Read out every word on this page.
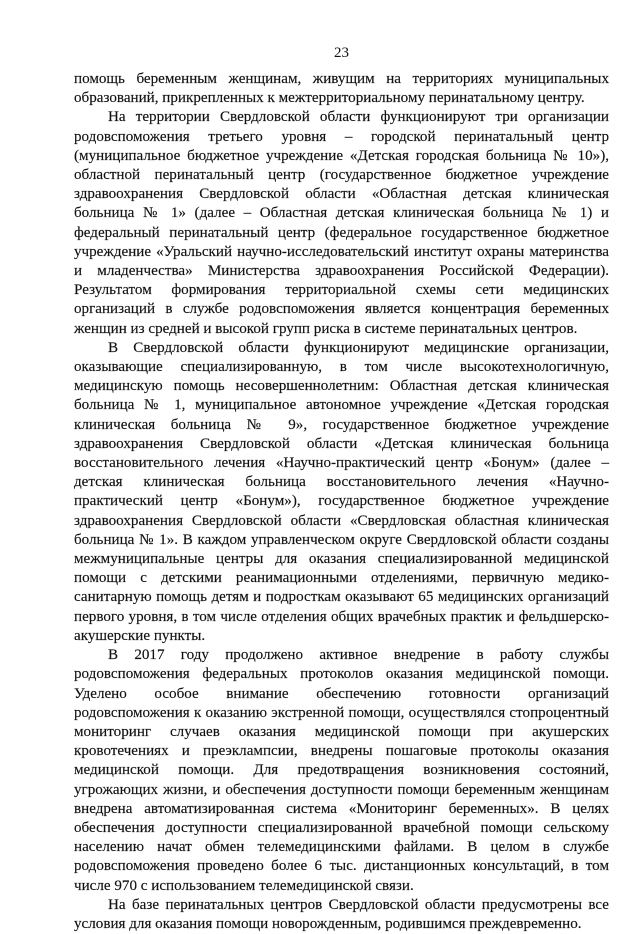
23

помощь беременным женщинам, живущим на территориях муниципальных образований, прикрепленных к межтерриториальному перинатальному центру.

На территории Свердловской области функционируют три организации родовспоможения третьего уровня – городской перинатальный центр (муниципальное бюджетное учреждение «Детская городская больница № 10»), областной перинатальный центр (государственное бюджетное учреждение здравоохранения Свердловской области «Областная детская клиническая больница № 1» (далее – Областная детская клиническая больница № 1) и федеральный перинатальный центр (федеральное государственное бюджетное учреждение «Уральский научно-исследовательский институт охраны материнства и младенчества» Министерства здравоохранения Российской Федерации). Результатом формирования территориальной схемы сети медицинских организаций в службе родовспоможения является концентрация беременных женщин из средней и высокой групп риска в системе перинатальных центров.

В Свердловской области функционируют медицинские организации, оказывающие специализированную, в том числе высокотехнологичную, медицинскую помощь несовершеннолетним: Областная детская клиническая больница № 1, муниципальное автономное учреждение «Детская городская клиническая больница № 9», государственное бюджетное учреждение здравоохранения Свердловской области «Детская клиническая больница восстановительного лечения «Научно-практический центр «Бонум» (далее – детская клиническая больница восстановительного лечения «Научно-практический центр «Бонум»), государственное бюджетное учреждение здравоохранения Свердловской области «Свердловская областная клиническая больница № 1». В каждом управленческом округе Свердловской области созданы межмуниципальные центры для оказания специализированной медицинской помощи с детскими реанимационными отделениями, первичную медико-санитарную помощь детям и подросткам оказывают 65 медицинских организаций первого уровня, в том числе отделения общих врачебных практик и фельдшерско-акушерские пункты.

В 2017 году продолжено активное внедрение в работу службы родовспоможения федеральных протоколов оказания медицинской помощи. Уделено особое внимание обеспечению готовности организаций родовспоможения к оказанию экстренной помощи, осуществлялся стопроцентный мониторинг случаев оказания медицинской помощи при акушерских кровотечениях и преэклампсии, внедрены пошаговые протоколы оказания медицинской помощи. Для предотвращения возникновения состояний, угрожающих жизни, и обеспечения доступности помощи беременным женщинам внедрена автоматизированная система «Мониторинг беременных». В целях обеспечения доступности специализированной врачебной помощи сельскому населению начат обмен телемедицинскими файлами. В целом в службе родовспоможения проведено более 6 тыс. дистанционных консультаций, в том числе 970 с использованием телемедицинской связи.

На базе перинатальных центров Свердловской области предусмотрены все условия для оказания помощи новорожденным, родившимся преждевременно.
